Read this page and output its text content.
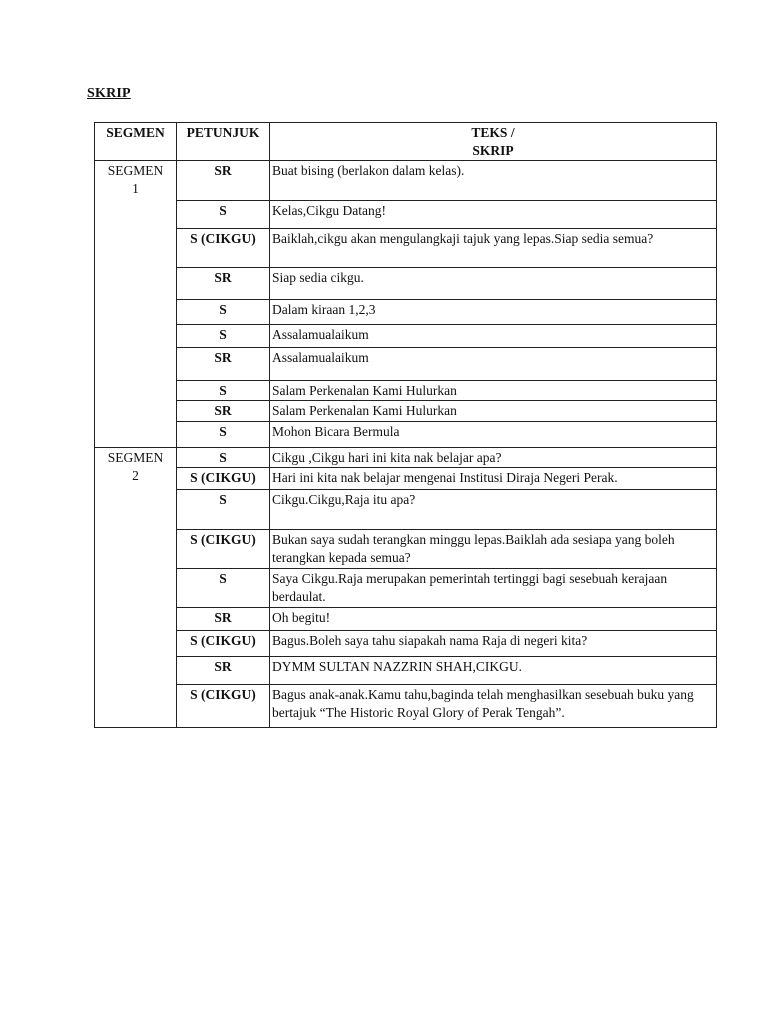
SKRIP
SEGMEN	PETUNJUK	TEKS /
SKRIP

SEGMEN
1	SR	Buat bising (berlakon dalam kelas).
	S	Kelas,Cikgu Datang!
	S (CIKGU)	Baiklah,cikgu akan mengulangkaji tajuk yang lepas.Siap sedia semua?
	SR	Siap sedia cikgu.
	S	Dalam kiraan 1,2,3
	S	Assalamualaikum
	SR	Assalamualaikum
	S	Salam Perkenalan Kami Hulurkan
	SR	Salam Perkenalan Kami Hulurkan
	S	Mohon Bicara Bermula

SEGMEN
2	S	Cikgu ,Cikgu hari ini kita nak belajar apa?
	S (CIKGU)	Hari ini kita nak belajar mengenai Institusi Diraja Negeri Perak.
	S	Cikgu.Cikgu,Raja itu apa?
	S (CIKGU)	Bukan saya sudah terangkan minggu lepas.Baiklah ada sesiapa yang boleh terangkan kepada semua?
	S	Saya Cikgu.Raja merupakan pemerintah tertinggi bagi sesebuah kerajaan berdaulat.
	SR	Oh begitu!
	S (CIKGU)	Bagus.Boleh saya tahu siapakah nama Raja di negeri kita?
	SR	DYMM SULTAN NAZZRIN SHAH,CIKGU.
	S (CIKGU)	Bagus anak-anak.Kamu tahu,baginda telah menghasilkan sesebuah buku yang bertajuk “The Historic Royal Glory of Perak Tengah”.
